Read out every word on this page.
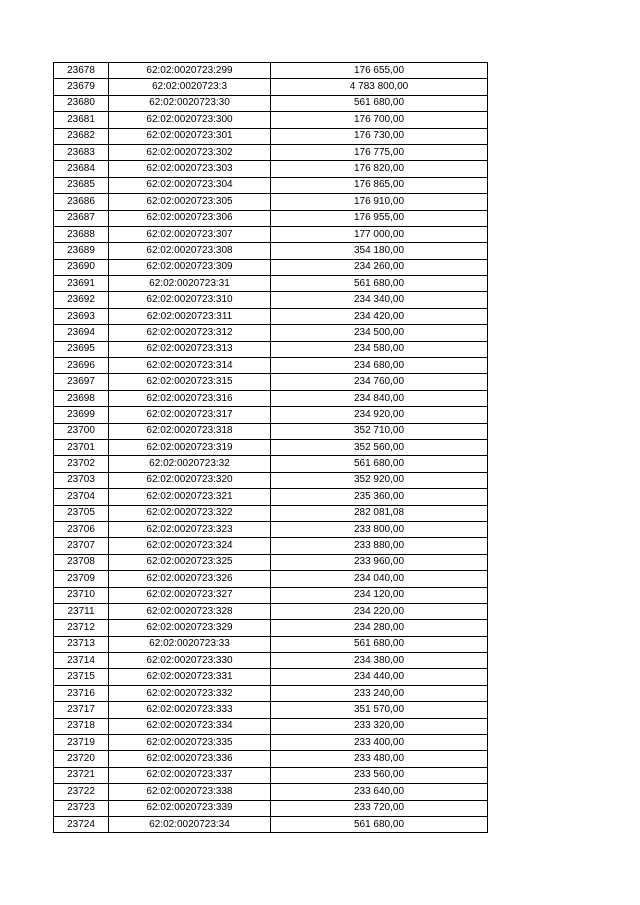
23678	62:02:0020723:299	176 655,00
23679	62:02:0020723:3	4 783 800,00
23680	62:02:0020723:30	561 680,00
23681	62:02:0020723:300	176 700,00
23682	62:02:0020723:301	176 730,00
23683	62:02:0020723:302	176 775,00
23684	62:02:0020723:303	176 820,00
23685	62:02:0020723:304	176 865,00
23686	62:02:0020723:305	176 910,00
23687	62:02:0020723:306	176 955,00
23688	62:02:0020723:307	177 000,00
23689	62:02:0020723:308	354 180,00
23690	62:02:0020723:309	234 260,00
23691	62:02:0020723:31	561 680,00
23692	62:02:0020723:310	234 340,00
23693	62:02:0020723:311	234 420,00
23694	62:02:0020723:312	234 500,00
23695	62:02:0020723:313	234 580,00
23696	62:02:0020723:314	234 680,00
23697	62:02:0020723:315	234 760,00
23698	62:02:0020723:316	234 840,00
23699	62:02:0020723:317	234 920,00
23700	62:02:0020723:318	352 710,00
23701	62:02:0020723:319	352 560,00
23702	62:02:0020723:32	561 680,00
23703	62:02:0020723:320	352 920,00
23704	62:02:0020723:321	235 360,00
23705	62:02:0020723:322	282 081,08
23706	62:02:0020723:323	233 800,00
23707	62:02:0020723:324	233 880,00
23708	62:02:0020723:325	233 960,00
23709	62:02:0020723:326	234 040,00
23710	62:02:0020723:327	234 120,00
23711	62:02:0020723:328	234 220,00
23712	62:02:0020723:329	234 280,00
23713	62:02:0020723:33	561 680,00
23714	62:02:0020723:330	234 380,00
23715	62:02:0020723:331	234 440,00
23716	62:02:0020723:332	233 240,00
23717	62:02:0020723:333	351 570,00
23718	62:02:0020723:334	233 320,00
23719	62:02:0020723:335	233 400,00
23720	62:02:0020723:336	233 480,00
23721	62:02:0020723:337	233 560,00
23722	62:02:0020723:338	233 640,00
23723	62:02:0020723:339	233 720,00
23724	62:02:0020723:34	561 680,00
